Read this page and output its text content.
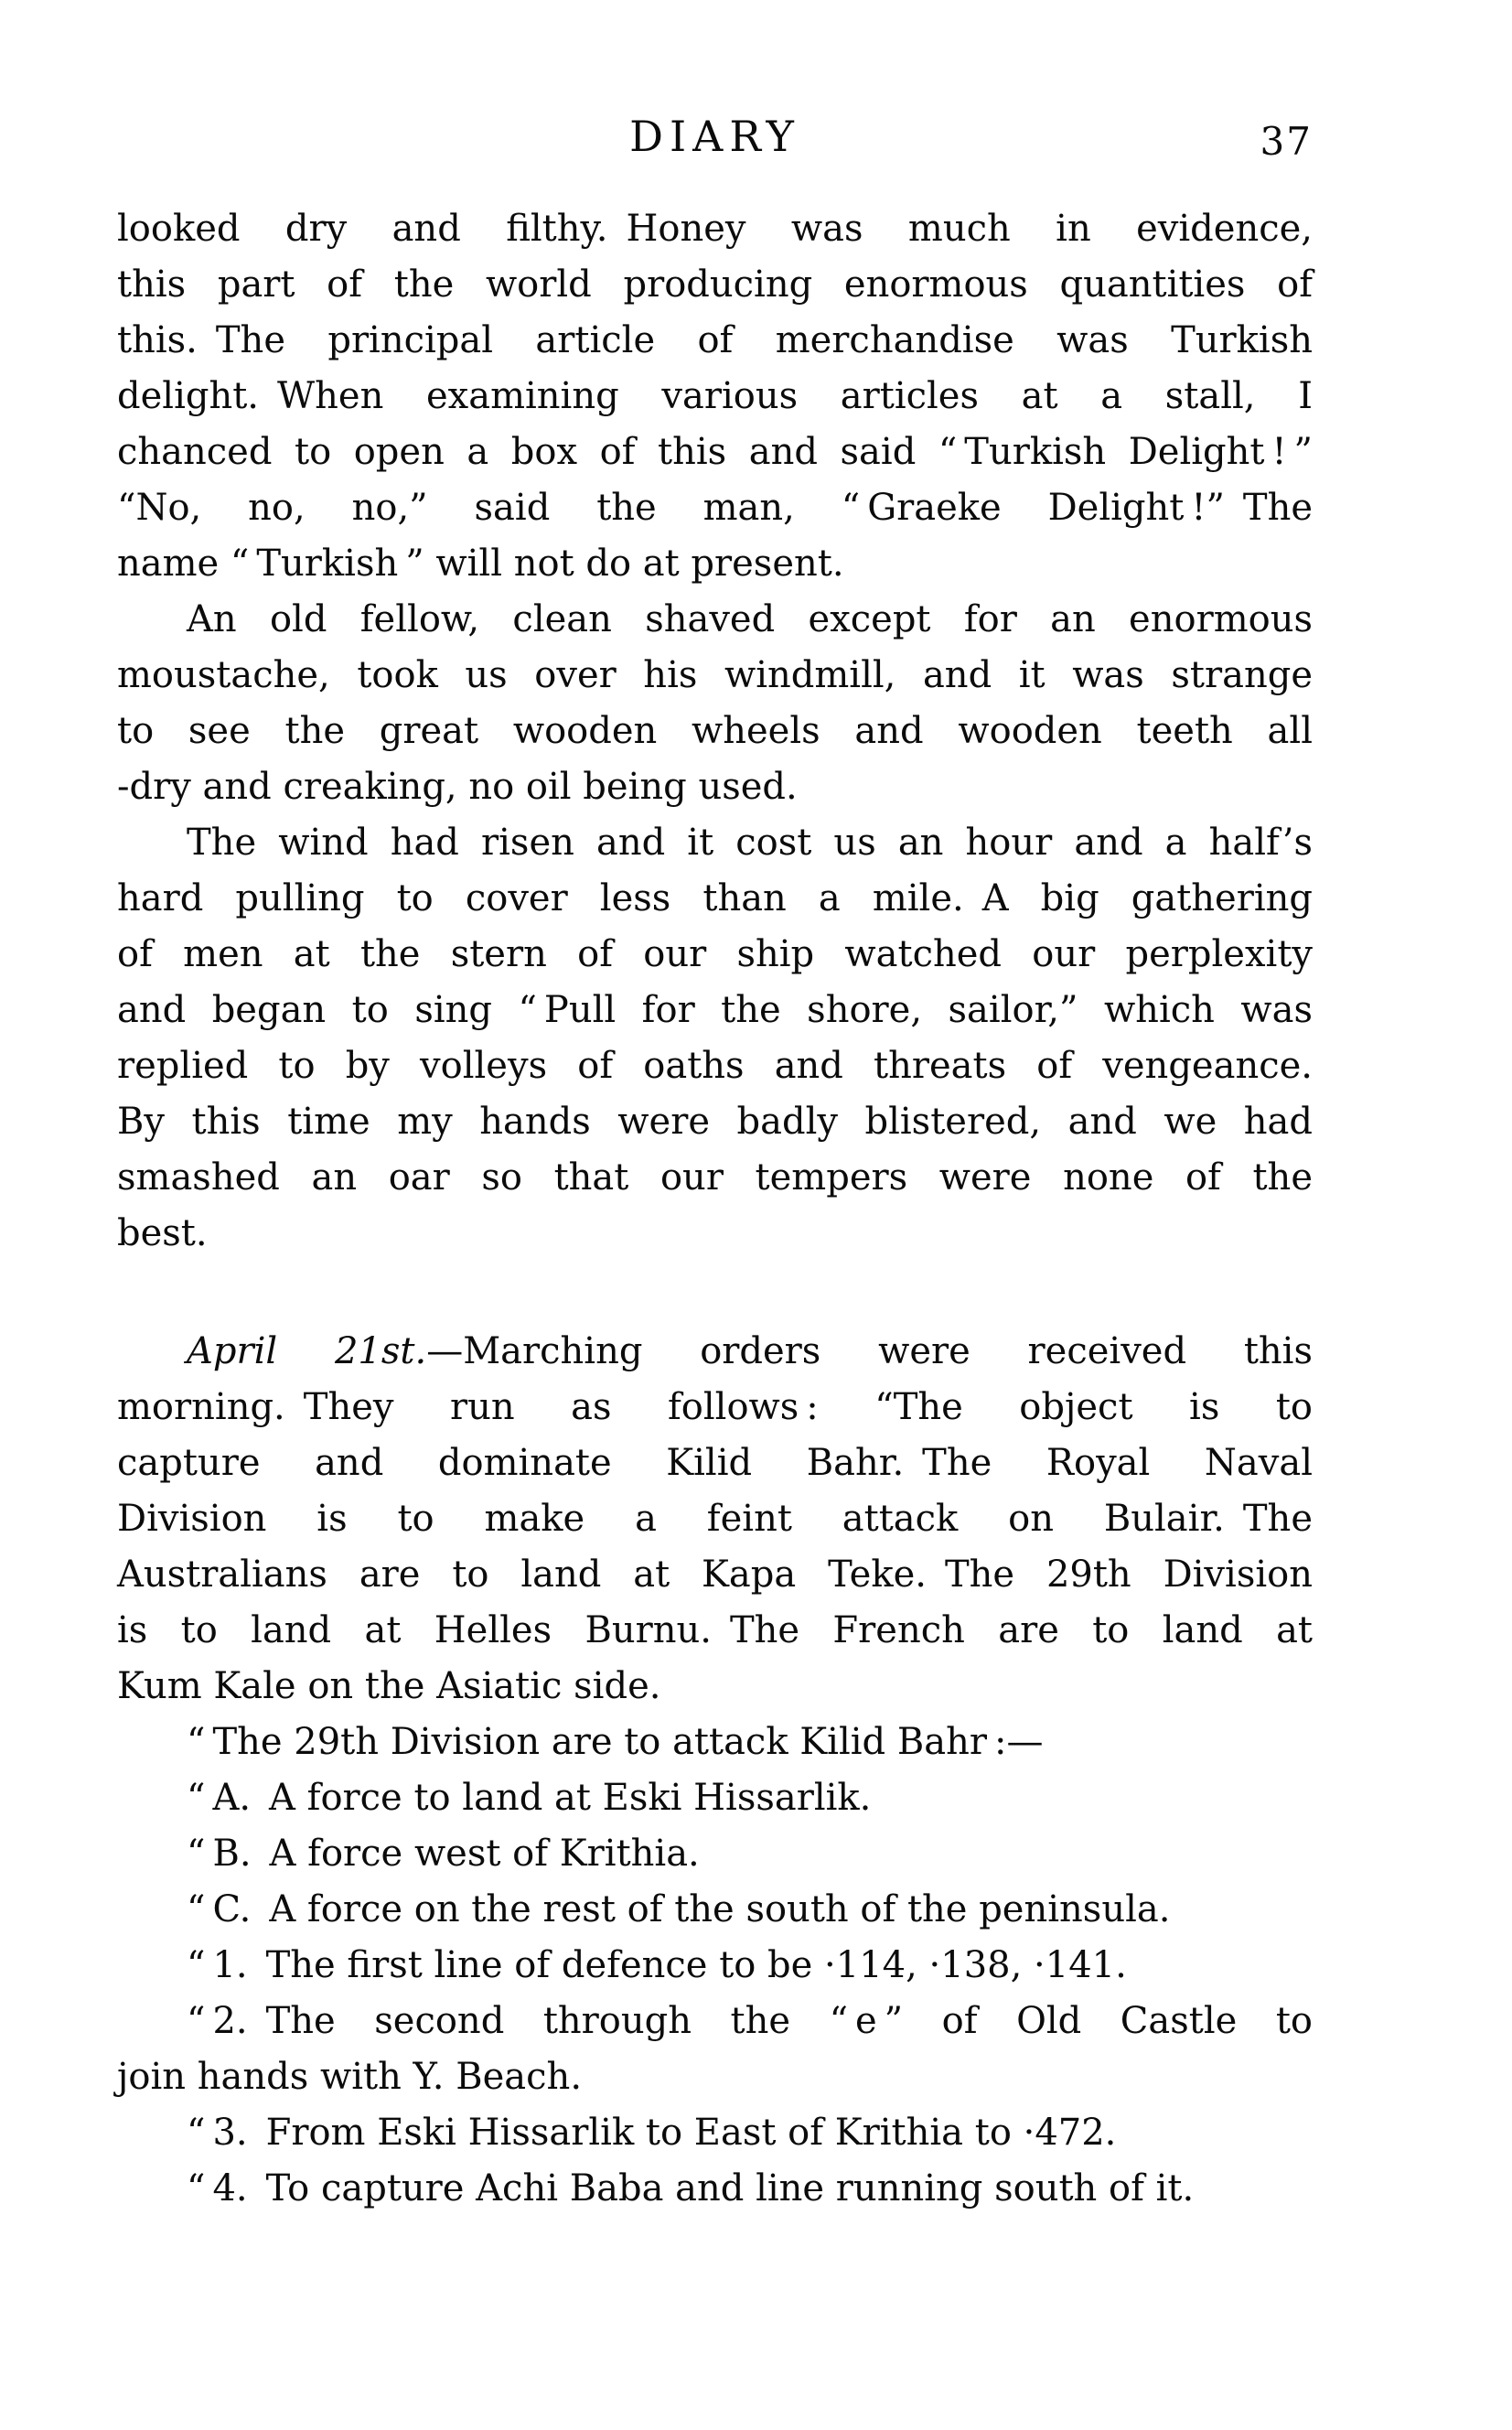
DIARY	37
looked dry and filthy. Honey was much in evidence,
this part of the world producing enormous quantities of
this. The principal article of merchandise was Turkish
delight. When examining various articles at a stall, I
chanced to open a box of this and said “ Turkish Delight ! ”
“No, no, no,” said the man, “ Graeke Delight !” The
name “ Turkish ” will not do at present.
An old fellow, clean shaved except for an enormous
moustache, took us over his windmill, and it was strange
to see the great wooden wheels and wooden teeth all
-dry and creaking, no oil being used.
The wind had risen and it cost us an hour and a half’s
hard pulling to cover less than a mile. A big gathering
of men at the stern of our ship watched our perplexity
and began to sing “ Pull for the shore, sailor,” which was
replied to by volleys of oaths and threats of vengeance.
By this time my hands were badly blistered, and we had
smashed an oar so that our tempers were none of the
best.
April 21st.—Marching orders were received this
morning. They run as follows : “The object is to
capture and dominate Kilid Bahr. The Royal Naval
Division is to make a feint attack on Bulair. The
Australians are to land at Kapa Teke. The 29th Division
is to land at Helles Burnu. The French are to land at
Kum Kale on the Asiatic side.
“ The 29th Division are to attack Kilid Bahr :—
“ A. A force to land at Eski Hissarlik.
“ B. A force west of Krithia.
“ C. A force on the rest of the south of the peninsula.
“ 1. The first line of defence to be ·114, ·138, ·141.
“ 2. The second through the “ e ” of Old Castle to
join hands with Y. Beach.
“ 3. From Eski Hissarlik to East of Krithia to ·472.
“ 4. To capture Achi Baba and line running south of it.
